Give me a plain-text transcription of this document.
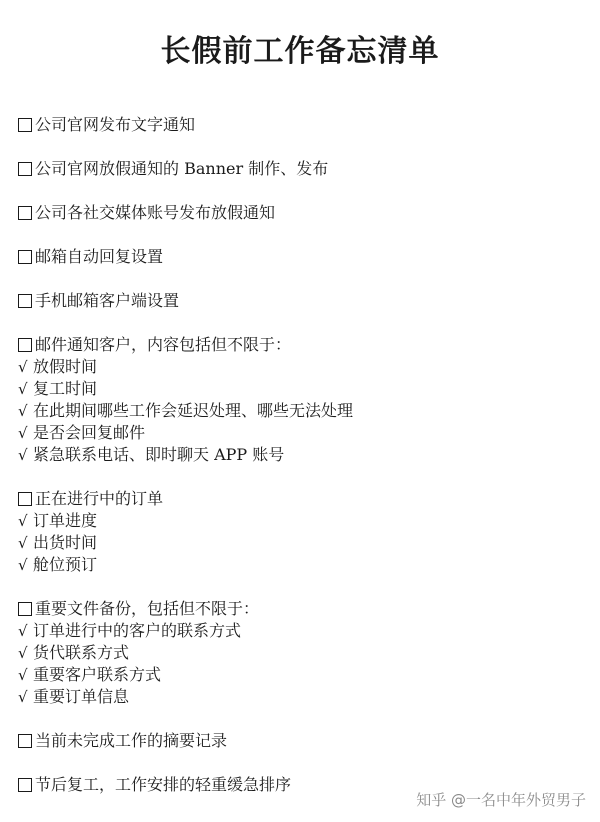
长假前工作备忘清单
公司官网发布文字通知
公司官网放假通知的 Banner 制作、发布
公司各社交媒体账号发布放假通知
邮箱自动回复设置
手机邮箱客户端设置
邮件通知客户，内容包括但不限于：
√ 放假时间
√ 复工时间
√ 在此期间哪些工作会延迟处理、哪些无法处理
√ 是否会回复邮件
√ 紧急联系电话、即时聊天 APP 账号
正在进行中的订单
√ 订单进度
√ 出货时间
√ 舱位预订
重要文件备份，包括但不限于：
√ 订单进行中的客户的联系方式
√ 货代联系方式
√ 重要客户联系方式
√ 重要订单信息
当前未完成工作的摘要记录
节后复工，工作安排的轻重缓急排序
知乎 @一名中年外贸男子
